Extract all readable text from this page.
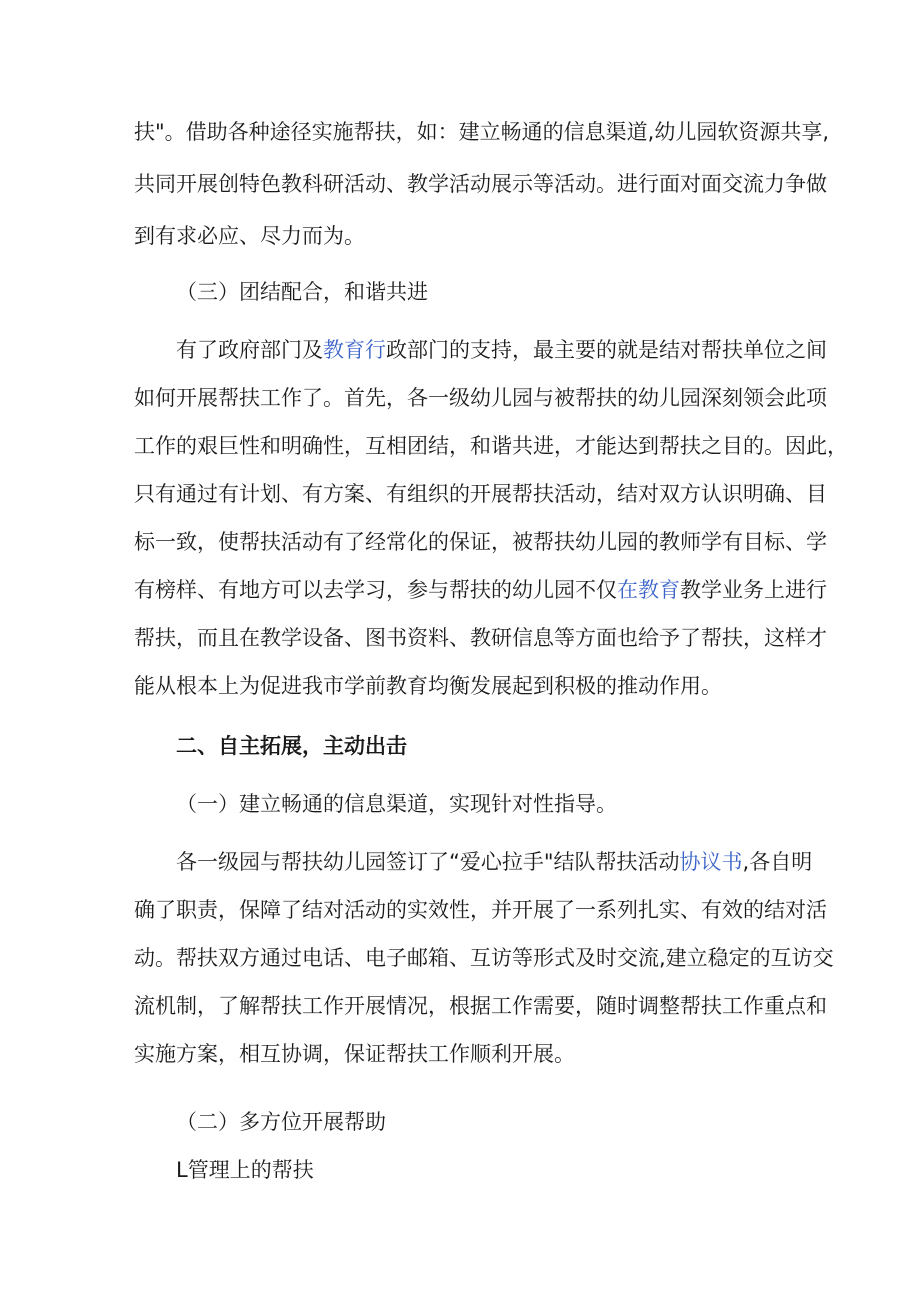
扶"。借助各种途径实施帮扶，如：建立畅通的信息渠道,幼儿园软资源共享,
共同开展创特色教科研活动、教学活动展示等活动。进行面对面交流力争做
到有求必应、尽力而为。
（三）团结配合，和谐共进
有了政府部门及教育行政部门的支持，最主要的就是结对帮扶单位之间
如何开展帮扶工作了。首先，各一级幼儿园与被帮扶的幼儿园深刻领会此项
工作的艰巨性和明确性，互相团结，和谐共进，才能达到帮扶之目的。因此，
只有通过有计划、有方案、有组织的开展帮扶活动，结对双方认识明确、目
标一致，使帮扶活动有了经常化的保证，被帮扶幼儿园的教师学有目标、学
有榜样、有地方可以去学习，参与帮扶的幼儿园不仅在教育教学业务上进行
帮扶，而且在教学设备、图书资料、教研信息等方面也给予了帮扶，这样才
能从根本上为促进我市学前教育均衡发展起到积极的推动作用。
二、自主拓展，主动出击
（一）建立畅通的信息渠道，实现针对性指导。
各一级园与帮扶幼儿园签订了“爱心拉手"结队帮扶活动协议书,各自明
确了职责，保障了结对活动的实效性，并开展了一系列扎实、有效的结对活
动。帮扶双方通过电话、电子邮箱、互访等形式及时交流,建立稳定的互访交
流机制，了解帮扶工作开展情况，根据工作需要，随时调整帮扶工作重点和
实施方案，相互协调，保证帮扶工作顺利开展。
（二）多方位开展帮助
L管理上的帮扶
